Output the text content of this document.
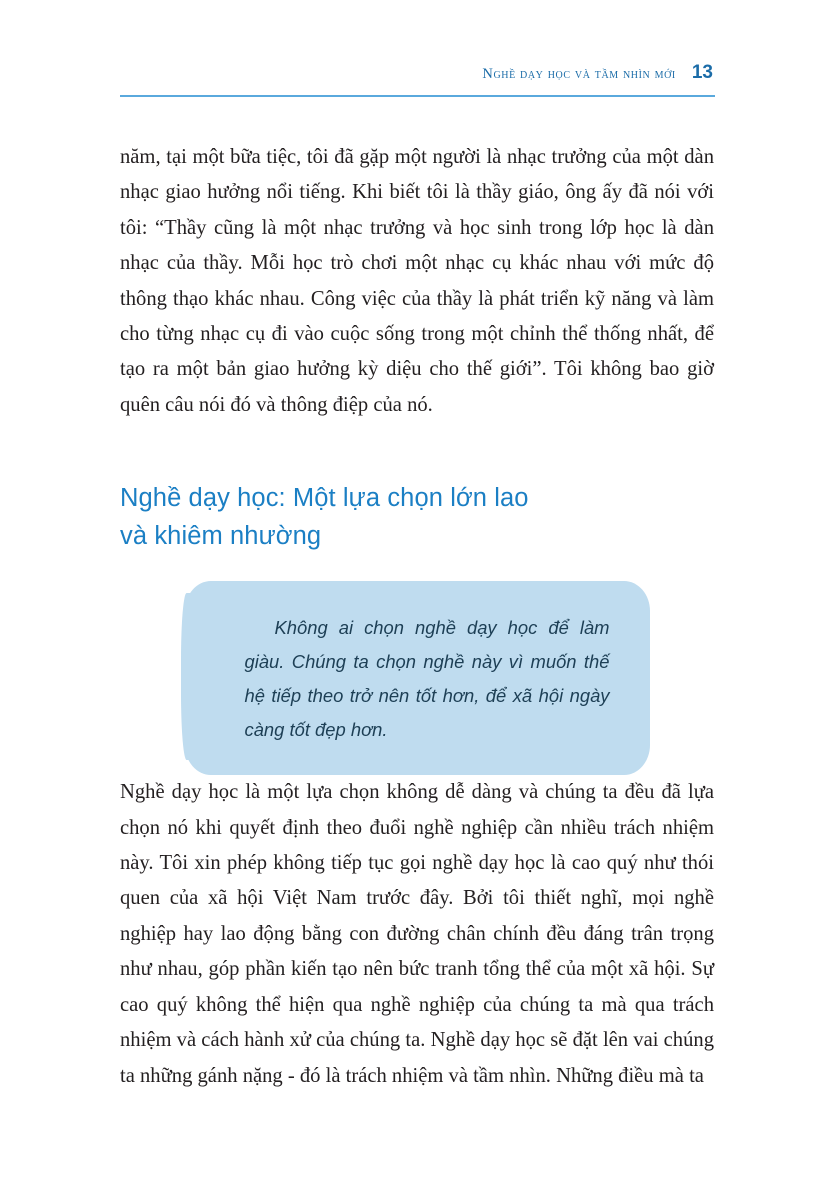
Nghề dạy học và tầm nhìn mới 13

năm, tại một bữa tiệc, tôi đã gặp một người là nhạc trưởng của một dàn nhạc giao hưởng nổi tiếng. Khi biết tôi là thầy giáo, ông ấy đã nói với tôi: “Thầy cũng là một nhạc trưởng và học sinh trong lớp học là dàn nhạc của thầy. Mỗi học trò chơi một nhạc cụ khác nhau với mức độ thông thạo khác nhau. Công việc của thầy là phát triển kỹ năng và làm cho từng nhạc cụ đi vào cuộc sống trong một chỉnh thể thống nhất, để tạo ra một bản giao hưởng kỳ diệu cho thế giới”. Tôi không bao giờ quên câu nói đó và thông điệp của nó.

Nghề dạy học: Một lựa chọn lớn lao
và khiêm nhường

Không ai chọn nghề dạy học để làm giàu. Chúng ta chọn nghề này vì muốn thế hệ tiếp theo trở nên tốt hơn, để xã hội ngày càng tốt đẹp hơn.

Nghề dạy học là một lựa chọn không dễ dàng và chúng ta đều đã lựa chọn nó khi quyết định theo đuổi nghề nghiệp cần nhiều trách nhiệm này. Tôi xin phép không tiếp tục gọi nghề dạy học là cao quý như thói quen của xã hội Việt Nam trước đây. Bởi tôi thiết nghĩ, mọi nghề nghiệp hay lao động bằng con đường chân chính đều đáng trân trọng như nhau, góp phần kiến tạo nên bức tranh tổng thể của một xã hội. Sự cao quý không thể hiện qua nghề nghiệp của chúng ta mà qua trách nhiệm và cách hành xử của chúng ta. Nghề dạy học sẽ đặt lên vai chúng ta những gánh nặng - đó là trách nhiệm và tầm nhìn. Những điều mà ta
